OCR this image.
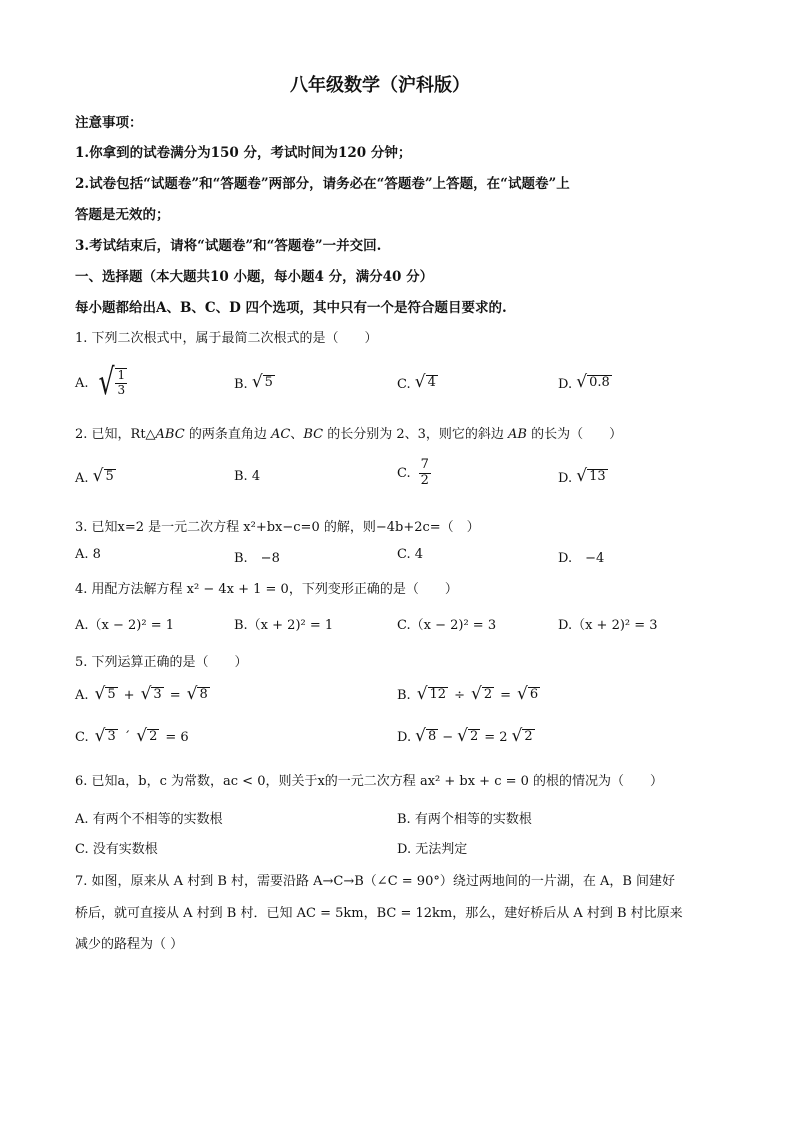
八年级数学（沪科版）
注意事项：
1.你拿到的试卷满分为150 分，考试时间为120 分钟；
2.试卷包括“试题卷”和“答题卷”两部分，请务必在“答题卷”上答题，在“试题卷”上
答题是无效的；
3.考试结束后，请将“试题卷”和“答题卷”一并交回.
一、选择题（本大题共10 小题，每小题4 分，满分40 分）
每小题都给出A、B、C、D 四个选项，其中只有一个是符合题目要求的.
1. 下列二次根式中，属于最简二次根式的是（　　）
A. √ $\frac{1}{3}$	B. √ 5	C. √ 4	D. √ 0.8
2. 已知，Rt△ABC 的两条直角边 AC、BC 的长分别为 2、3，则它的斜边 AB 的长为（　　）
A. √ 5	B. 4	C. $\frac{7}{2}$	D. √ 13
3. 已知x=2 是一元二次方程 x²+bx−c=0 的解，则−4b+2c=（　）
A. 8	B.　−8	C. 4	D.　−4
4. 用配方法解方程 x² − 4x + 1 = 0，下列变形正确的是（　　）
A.（x − 2)² = 1	B.（x + 2)² = 1	C.（x − 2)² = 3	D.（x + 2)² = 3
5. 下列运算正确的是（　　）
A. √ 5 + √ 3 = √ 8	B. √ 12 ÷ √ 2 = √ 6
C. √ 3 ´ √ 2 = 6	D. √ 8 − √ 2 = 2 √ 2
6. 已知a，b，c 为常数，ac < 0，则关于x的一元二次方程 ax² + bx + c = 0 的根的情况为（　　）
A. 有两个不相等的实数根	B. 有两个相等的实数根
C. 没有实数根	D. 无法判定
7. 如图，原来从 A 村到 B 村，需要沿路 A→C→B（∠C = 90°）绕过两地间的一片湖，在 A，B 间建好
桥后，就可直接从 A 村到 B 村．已知 AC = 5km，BC = 12km，那么，建好桥后从 A 村到 B 村比原来
减少的路程为（ ）
